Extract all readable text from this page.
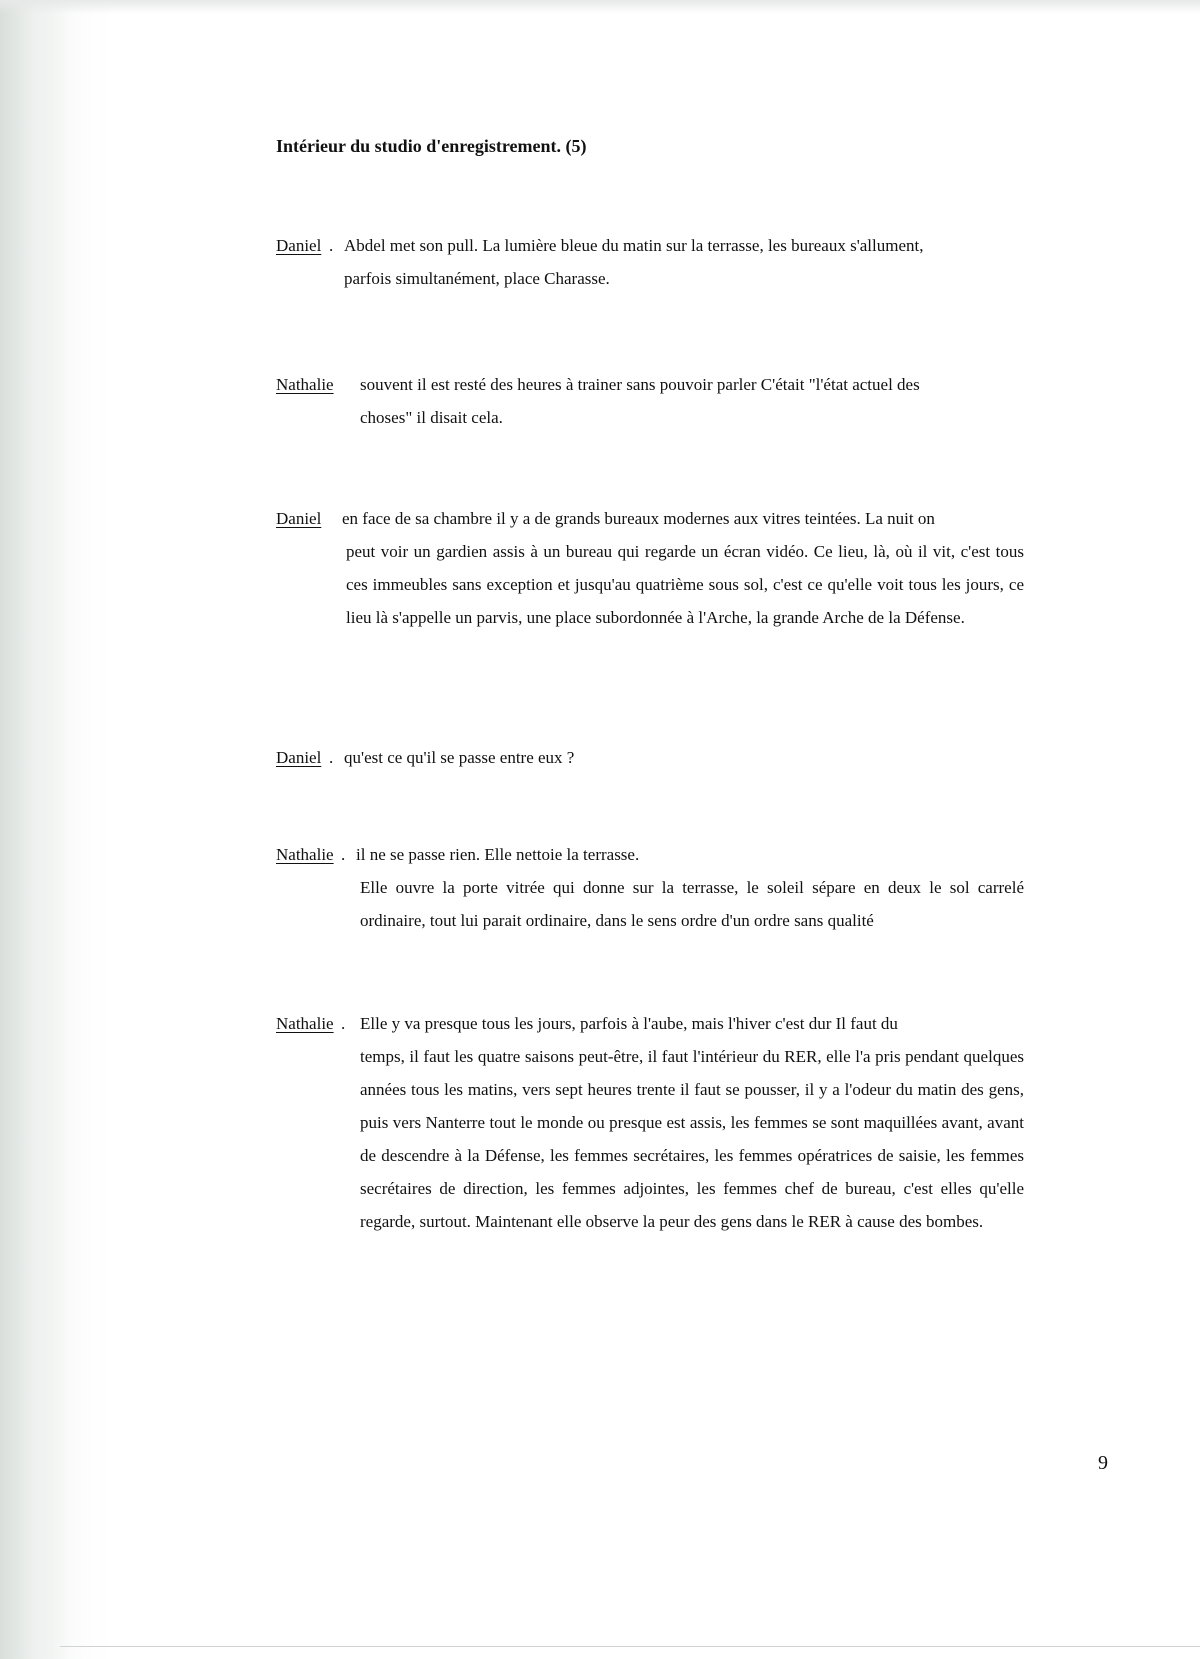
Intérieur du studio d'enregistrement. (5)
Daniel . Abdel met son pull. La lumière bleue du matin sur la terrasse, les bureaux s'allument,

parfois simultanément, place Charasse.

Nathalie souvent il est resté des heures à trainer sans pouvoir parler C'était "l'état actuel des

choses" il disait cela.

Daniel en face de sa chambre il y a de grands bureaux modernes aux vitres teintées. La nuit on

peut voir un gardien assis à un bureau qui regarde un écran vidéo. Ce lieu, là, où il vit, c'est tous ces immeubles sans exception et jusqu'au quatrième sous sol, c'est ce qu'elle voit tous les jours, ce lieu là s'appelle un parvis, une place subordonnée à l'Arche, la grande Arche de la Défense.

Daniel . qu'est ce qu'il se passe entre eux ?
Nathalie . il ne se passe rien. Elle nettoie la terrasse.

Elle ouvre la porte vitrée qui donne sur la terrasse, le soleil sépare en deux le sol carrelé ordinaire, tout lui parait ordinaire, dans le sens ordre d'un ordre sans qualité

Nathalie . Elle y va presque tous les jours, parfois à l'aube, mais l'hiver c'est dur Il faut du

temps, il faut les quatre saisons peut-être, il faut l'intérieur du RER, elle l'a pris pendant quelques années tous les matins, vers sept heures trente il faut se pousser, il y a l'odeur du matin des gens, puis vers Nanterre tout le monde ou presque est assis, les femmes se sont maquillées avant, avant de descendre à la Défense, les femmes secrétaires, les femmes opératrices de saisie, les femmes secrétaires de direction, les femmes adjointes, les femmes chef de bureau, c'est elles qu'elle regarde, surtout. Maintenant elle observe la peur des gens dans le RER à cause des bombes.

9
